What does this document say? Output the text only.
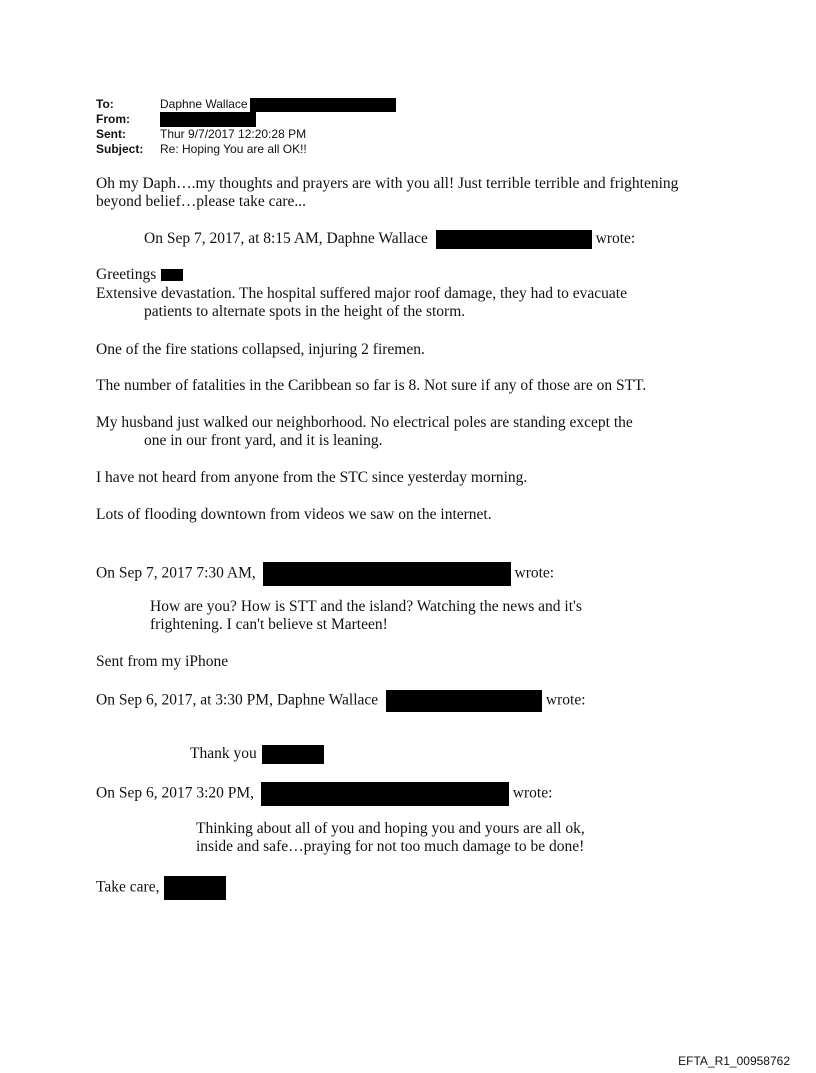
To:	Daphne Wallace
From:
Sent:	Thur 9/7/2017 12:20:28 PM
Subject:	Re: Hoping You are all OK!!
Oh my Daph….my thoughts and prayers are with you all! Just terrible terrible and frightening
beyond belief…please take care...
On Sep 7, 2017, at 8:15 AM, Daphne Wallace	wrote:
Greetings
Extensive devastation. The hospital suffered major roof damage, they had to evacuate
patients to alternate spots in the height of the storm.
One of the fire stations collapsed, injuring 2 firemen.
The number of fatalities in the Caribbean so far is 8. Not sure if any of those are on STT.
My husband just walked our neighborhood. No electrical poles are standing except the
one in our front yard, and it is leaning.
I have not heard from anyone from the STC since yesterday morning.
Lots of flooding downtown from videos we saw on the internet.
On Sep 7, 2017 7:30 AM,	wrote:
How are you? How is STT and the island? Watching the news and it's
frightening. I can't believe st Marteen!
Sent from my iPhone
On Sep 6, 2017, at 3:30 PM, Daphne Wallace	wrote:
Thank you
On Sep 6, 2017 3:20 PM,	wrote:
Thinking about all of you and hoping you and yours are all ok,
inside and safe…praying for not too much damage to be done!
Take care,
EFTA_R1_00958762
